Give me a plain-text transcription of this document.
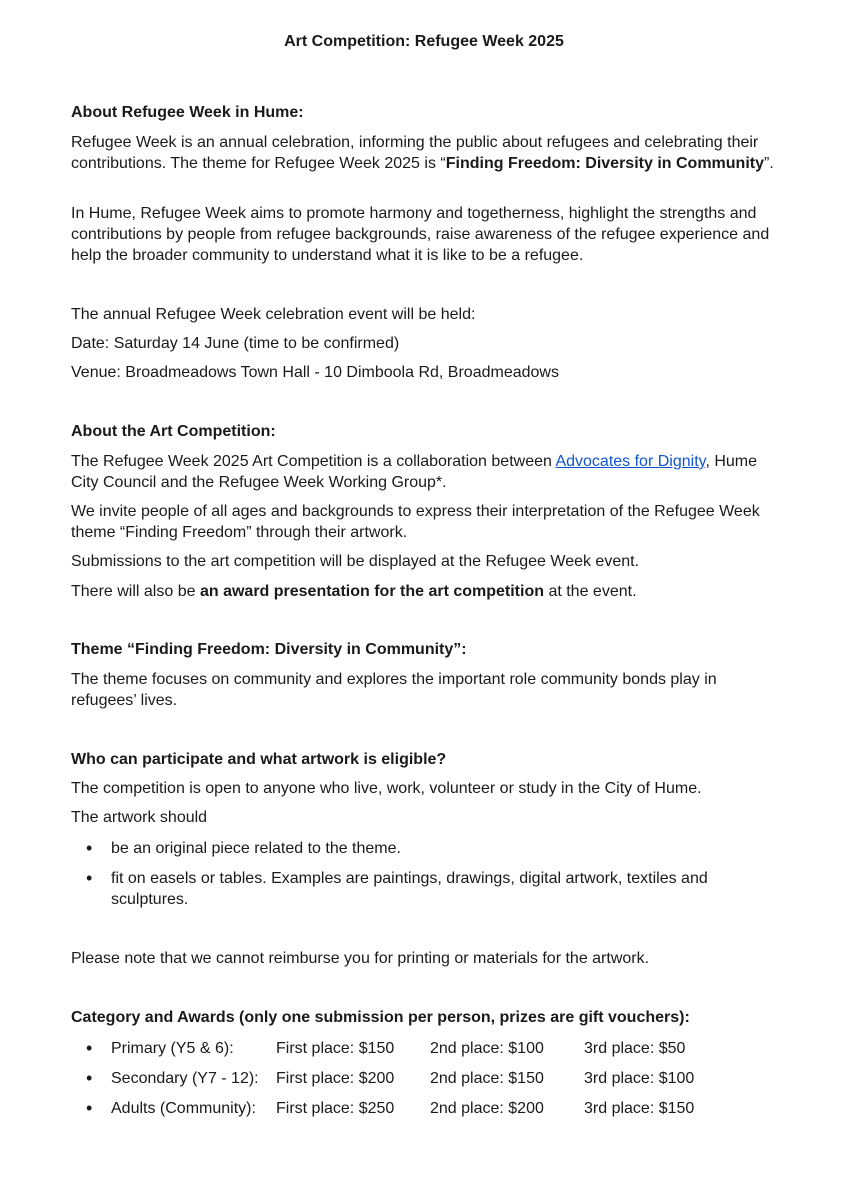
Art Competition: Refugee Week 2025
About Refugee Week in Hume:

Refugee Week is an annual celebration, informing the public about refugees and celebrating their contributions. The theme for Refugee Week 2025 is “Finding Freedom: Diversity in Community”.

In Hume, Refugee Week aims to promote harmony and togetherness, highlight the strengths and contributions by people from refugee backgrounds, raise awareness of the refugee experience and help the broader community to understand what it is like to be a refugee.

The annual Refugee Week celebration event will be held:

Date: Saturday 14 June (time to be confirmed)

Venue: Broadmeadows Town Hall - 10 Dimboola Rd, Broadmeadows

About the Art Competition:

The Refugee Week 2025 Art Competition is a collaboration between Advocates for Dignity, Hume City Council and the Refugee Week Working Group*.

We invite people of all ages and backgrounds to express their interpretation of the Refugee Week theme “Finding Freedom” through their artwork.

Submissions to the art competition will be displayed at the Refugee Week event.

There will also be an award presentation for the art competition at the event.

Theme “Finding Freedom: Diversity in Community”:

The theme focuses on community and explores the important role community bonds play in refugees’ lives.

Who can participate and what artwork is eligible?

The competition is open to anyone who live, work, volunteer or study in the City of Hume.

The artwork should

• be an original piece related to the theme.
• fit on easels or tables. Examples are paintings, drawings, digital artwork, textiles and sculptures.

Please note that we cannot reimburse you for printing or materials for the artwork.

Category and Awards (only one submission per person, prizes are gift vouchers):
• Primary (Y5 & 6):	First place: $150 2nd place: $100	3rd place: $50
• Secondary (Y7 - 12): First place: $200 2nd place: $150	3rd place: $100
• Adults (Community): First place: $250 2nd place: $200	3rd place: $150
